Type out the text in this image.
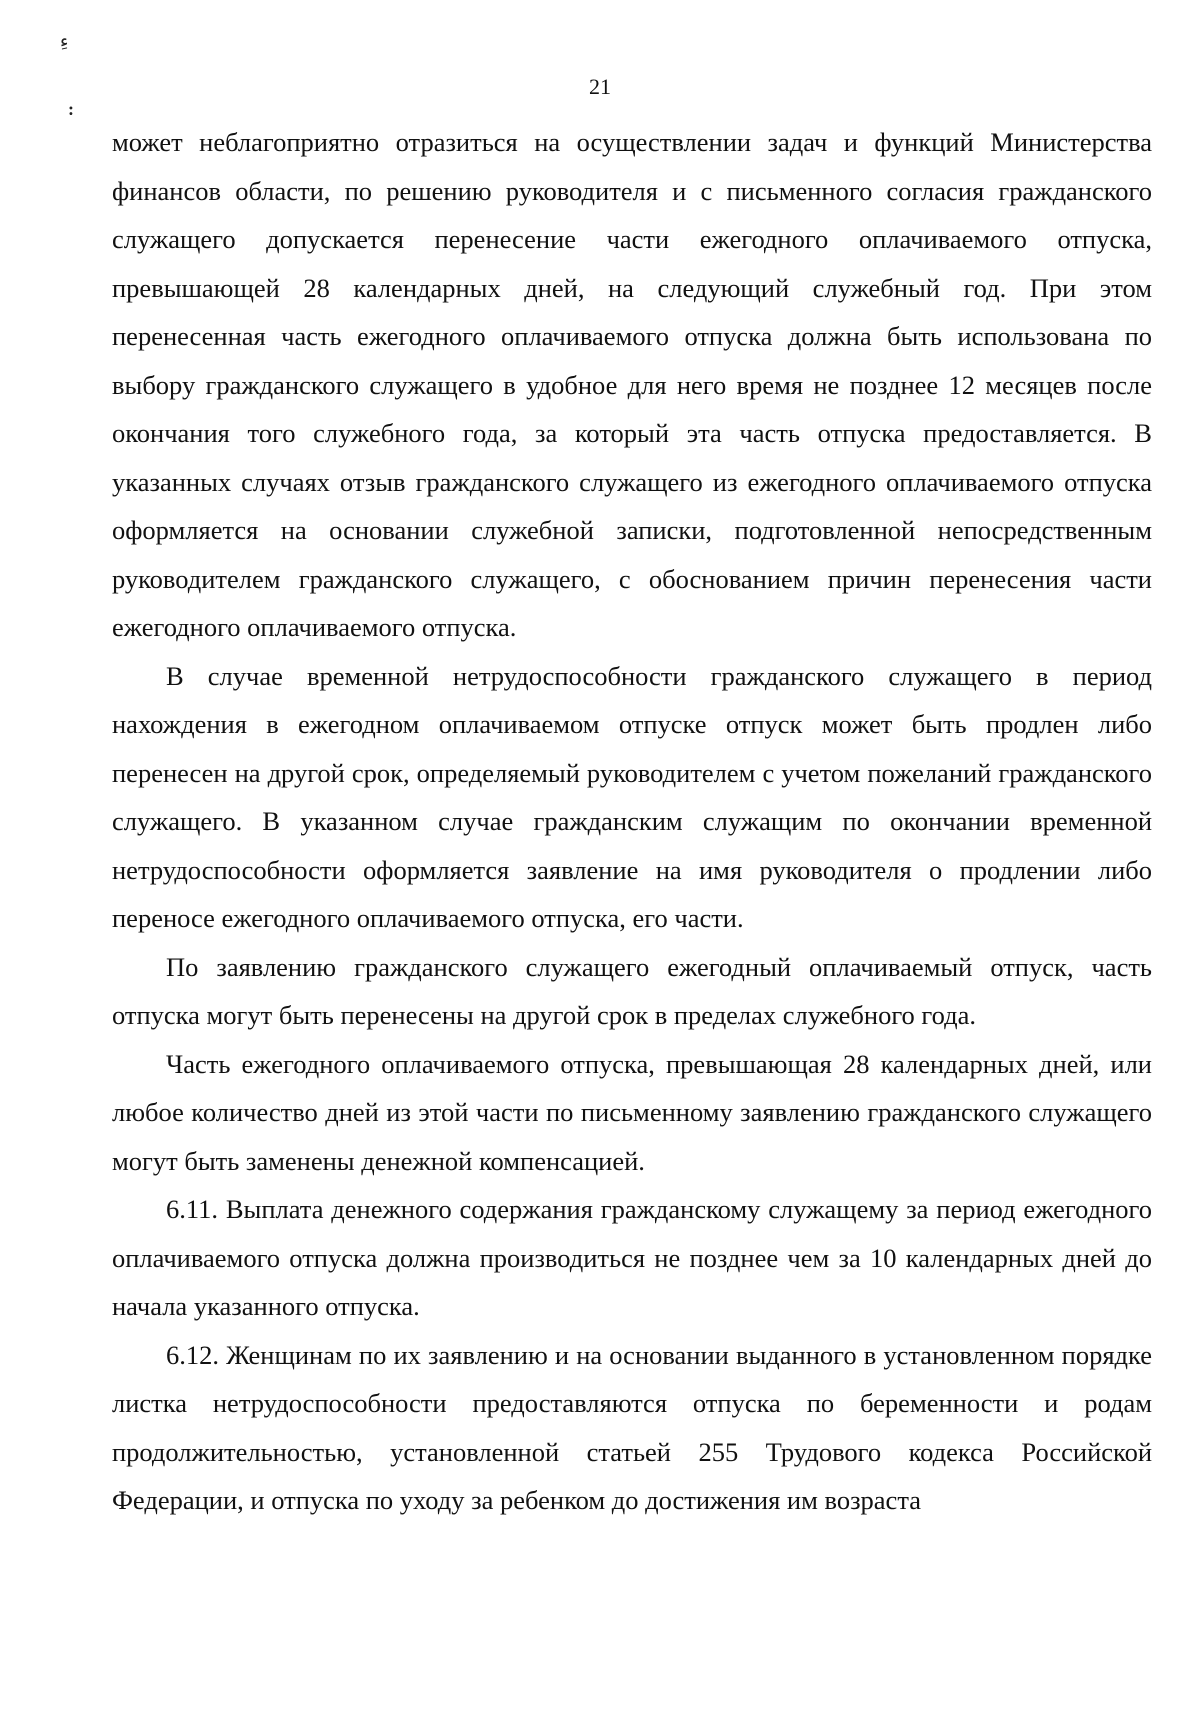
ءِ
:
21

может неблагоприятно отразиться на осуществлении задач и функций Министерства финансов области, по решению руководителя и с письменного согласия гражданского служащего допускается перенесение части ежегодного оплачиваемого отпуска, превышающей 28 календарных дней, на следующий служебный год. При этом перенесенная часть ежегодного оплачиваемого отпуска должна быть использована по выбору гражданского служащего в удобное для него время не позднее 12 месяцев после окончания того служебного года, за который эта часть отпуска предоставляется. В указанных случаях отзыв гражданского служащего из ежегодного оплачиваемого отпуска оформляется на основании служебной записки, подготовленной непосредственным руководителем гражданского служащего, с обоснованием причин перенесения части ежегодного оплачиваемого отпуска.

В случае временной нетрудоспособности гражданского служащего в период нахождения в ежегодном оплачиваемом отпуске отпуск может быть продлен либо перенесен на другой срок, определяемый руководителем с учетом пожеланий гражданского служащего. В указанном случае гражданским служащим по окончании временной нетрудоспособности оформляется заявление на имя руководителя о продлении либо переносе ежегодного оплачиваемого отпуска, его части.

По заявлению гражданского служащего ежегодный оплачиваемый отпуск, часть отпуска могут быть перенесены на другой срок в пределах служебного года.

Часть ежегодного оплачиваемого отпуска, превышающая 28 календарных дней, или любое количество дней из этой части по письменному заявлению гражданского служащего могут быть заменены денежной компенсацией.

6.11. Выплата денежного содержания гражданскому служащему за период ежегодного оплачиваемого отпуска должна производиться не позднее чем за 10 календарных дней до начала указанного отпуска.

6.12. Женщинам по их заявлению и на основании выданного в установленном порядке листка нетрудоспособности предоставляются отпуска по беременности и родам продолжительностью, установленной статьей 255 Трудового кодекса Российской Федерации, и отпуска по уходу за ребенком до достижения им возраста
